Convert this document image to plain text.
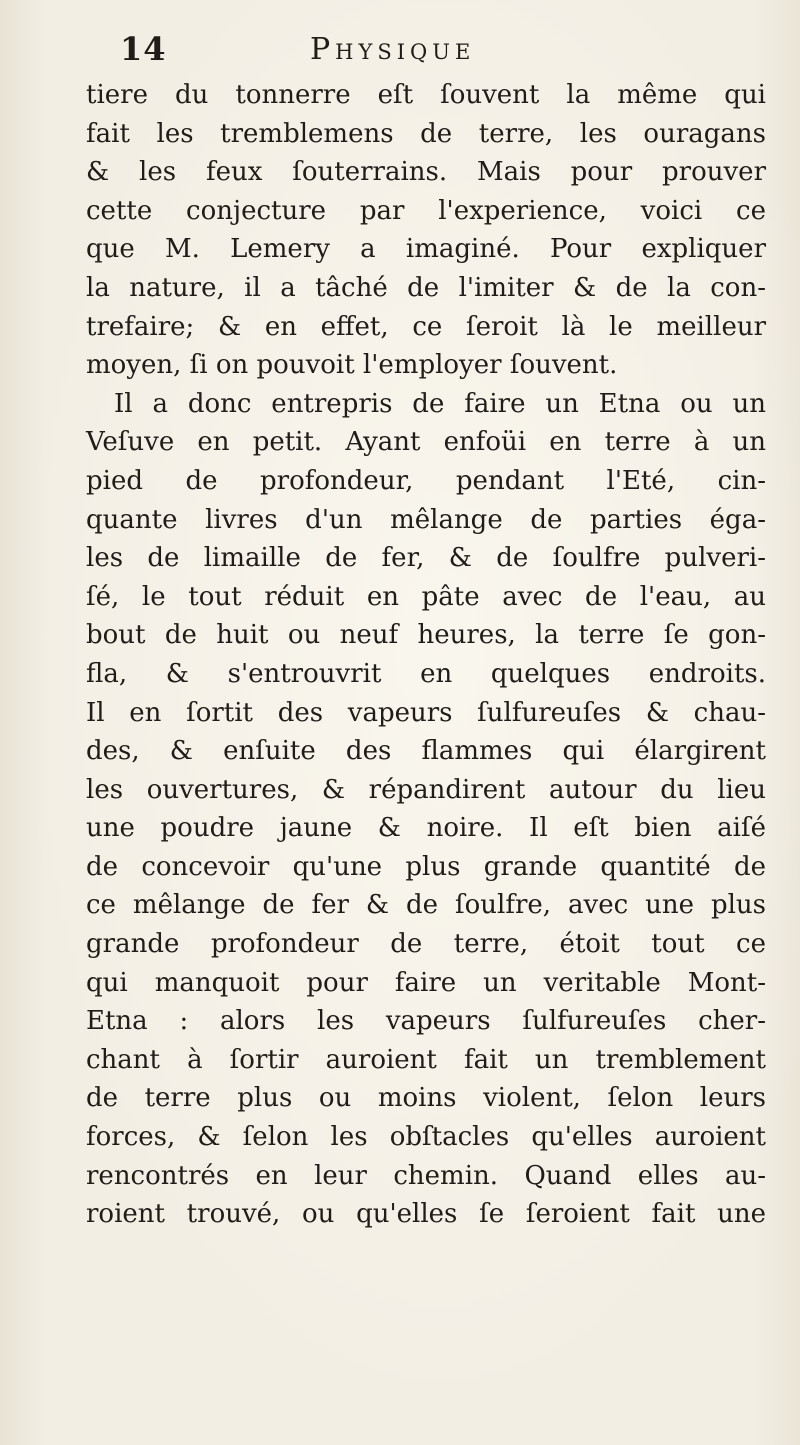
14	Physique
tiere du tonnerre eſt ſouvent la même qui
fait les tremblemens de terre, les ouragans
& les feux ſouterrains. Mais pour prouver
cette conjecture par l'experience, voici ce
que M. Lemery a imaginé. Pour expliquer
la nature, il a tâché de l'imiter & de la con-
trefaire; & en effet, ce ſeroit là le meilleur
moyen, ſi on pouvoit l'employer ſouvent.
Il a donc entrepris de faire un Etna ou un
Veſuve en petit. Ayant enfoüi en terre à un
pied de profondeur, pendant l'Eté, cin-
quante livres d'un mêlange de parties éga-
les de limaille de fer, & de ſoulfre pulveri-
ſé, le tout réduit en pâte avec de l'eau, au
bout de huit ou neuf heures, la terre ſe gon-
fla, & s'entrouvrit en quelques endroits.
Il en ſortit des vapeurs ſulfureuſes & chau-
des, & enſuite des flammes qui élargirent
les ouvertures, & répandirent autour du lieu
une poudre jaune & noire. Il eſt bien aiſé
de concevoir qu'une plus grande quantité de
ce mêlange de fer & de ſoulfre, avec une plus
grande profondeur de terre, étoit tout ce
qui manquoit pour faire un veritable Mont-
Etna : alors les vapeurs ſulfureuſes cher-
chant à ſortir auroient fait un tremblement
de terre plus ou moins violent, ſelon leurs
forces, & ſelon les obſtacles qu'elles auroient
rencontrés en leur chemin. Quand elles au-
roient trouvé, ou qu'elles ſe ſeroient fait une
